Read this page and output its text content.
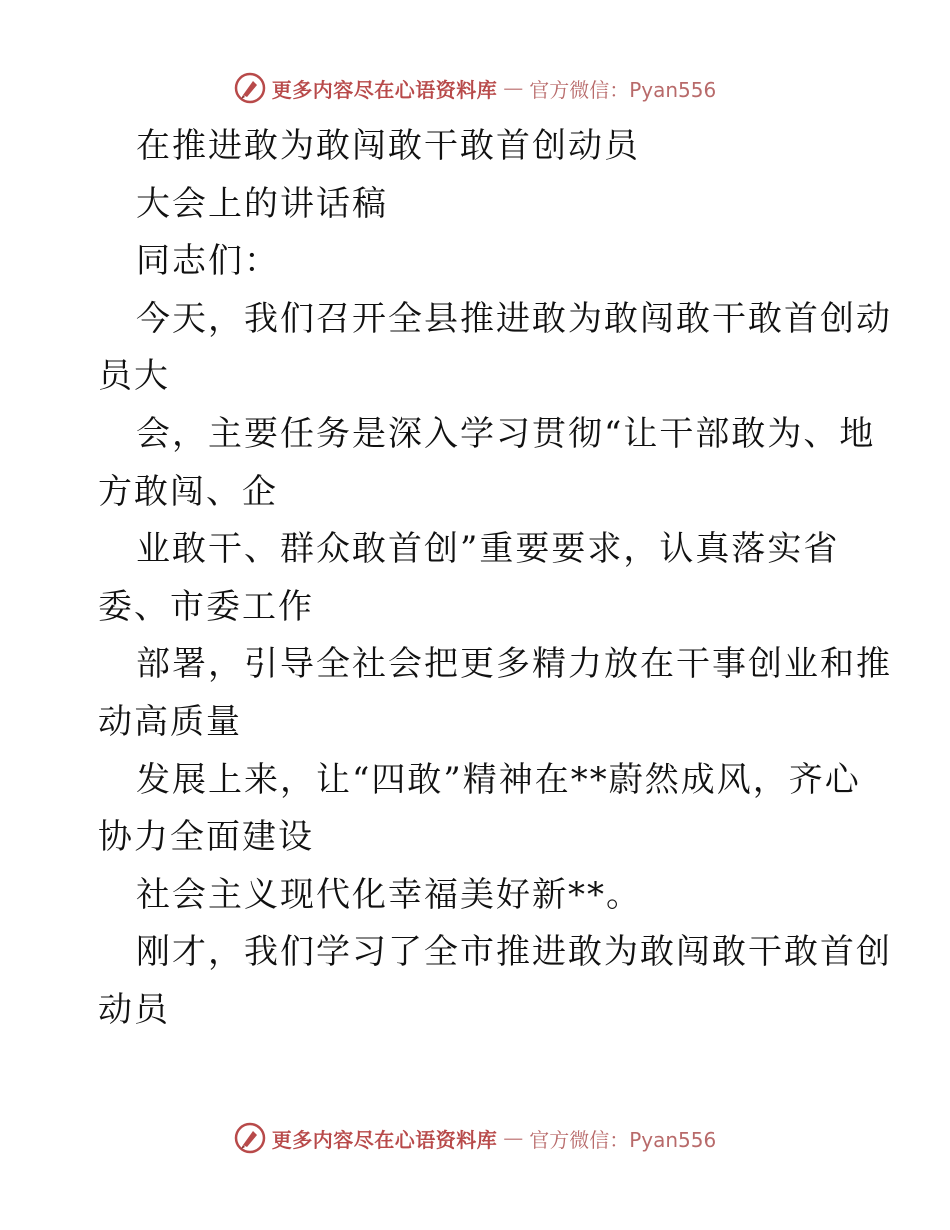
更多内容尽在心语资料库 — 官方微信：Pyan556
在推进敢为敢闯敢干敢首创动员
大会上的讲话稿
同志们：
今天，我们召开全县推进敢为敢闯敢干敢首创动
员大
会，主要任务是深入学习贯彻“让干部敢为、地
方敢闯、企
业敢干、群众敢首创”重要要求，认真落实省
委、市委工作
部署，引导全社会把更多精力放在干事创业和推
动高质量
发展上来，让“四敢”精神在**蔚然成风，齐心
协力全面建设
社会主义现代化幸福美好新**。
刚才，我们学习了全市推进敢为敢闯敢干敢首创
动员
更多内容尽在心语资料库 — 官方微信：Pyan556
